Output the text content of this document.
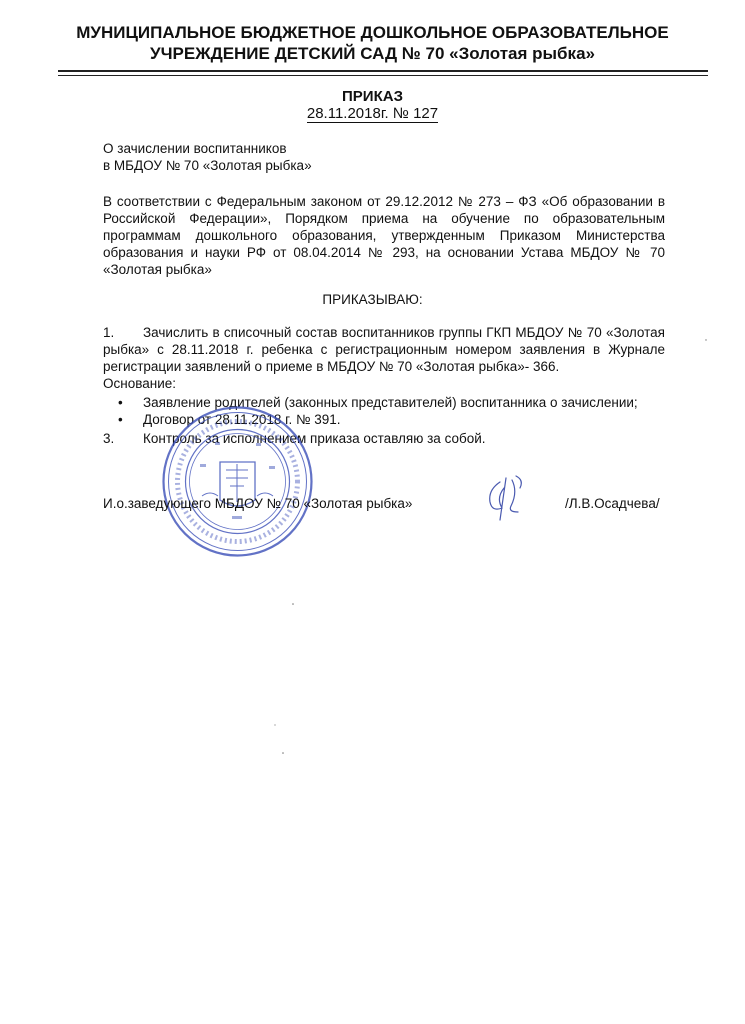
МУНИЦИПАЛЬНОЕ БЮДЖЕТНОЕ ДОШКОЛЬНОЕ ОБРАЗОВАТЕЛЬНОЕ
УЧРЕЖДЕНИЕ ДЕТСКИЙ САД № 70 «Золотая рыбка»
ПРИКАЗ
28.11.2018г. № 127
О зачислении воспитанников
в МБДОУ № 70 «Золотая рыбка»
В соответствии с Федеральным законом от 29.12.2012 № 273 – ФЗ «Об образовании в Российской Федерации», Порядком приема на обучение по образовательным программам дошкольного образования, утвержденным Приказом Министерства образования и науки РФ от 08.04.2014 № 293, на основании Устава МБДОУ № 70 «Золотая рыбка»
ПРИКАЗЫВАЮ:
1. Зачислить в списочный состав воспитанников группы ГКП МБДОУ № 70 «Золотая рыбка» с 28.11.2018 г. ребенка с регистрационным номером заявления в Журнале регистрации заявлений о приеме в МБДОУ № 70 «Золотая рыбка»- 366.
Основание:
• Заявление родителей (законных представителей) воспитанника о зачислении;
• Договор от 28.11.2018 г. № 391.
3. Контроль за исполнением приказа оставляю за собой.
И.о.заведующего МБДОУ № 70 «Золотая рыбка»	/Л.В.Осадчева/
